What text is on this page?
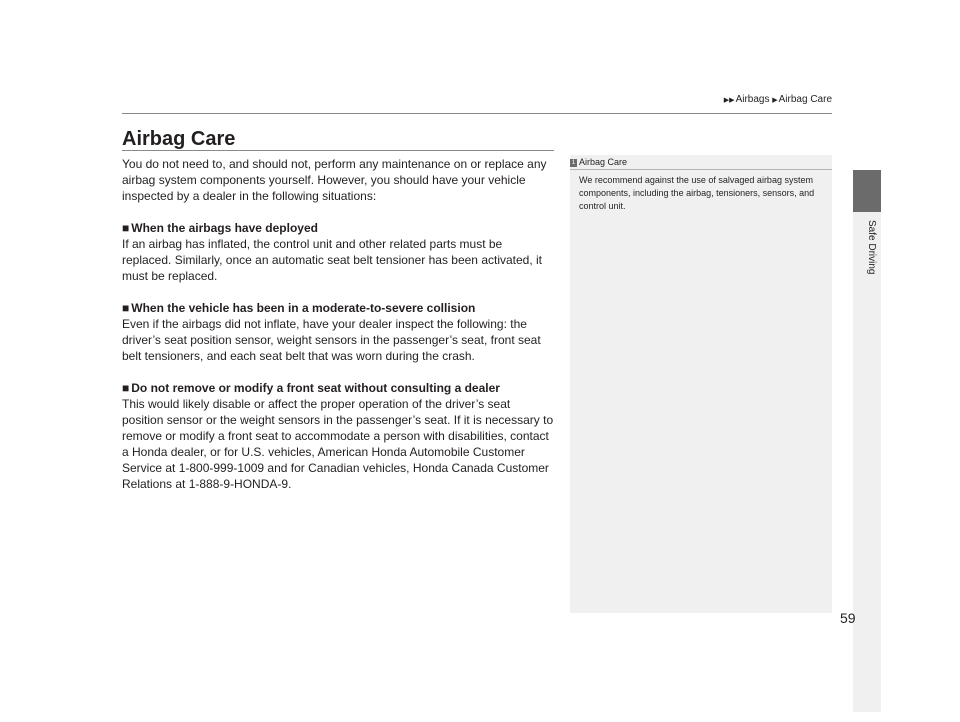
▶▶Airbags ▶Airbag Care
Safe Driving
Airbag Care

You do not need to, and should not, perform any maintenance on or replace any airbag system components yourself. However, you should have your vehicle inspected by a dealer in the following situations:

■ When the airbags have deployed

If an airbag has inflated, the control unit and other related parts must be replaced. Similarly, once an automatic seat belt tensioner has been activated, it must be replaced.

■ When the vehicle has been in a moderate-to-severe collision

Even if the airbags did not inflate, have your dealer inspect the following: the driver’s seat position sensor, weight sensors in the passenger’s seat, front seat belt tensioners, and each seat belt that was worn during the crash.

■ Do not remove or modify a front seat without consulting a dealer

This would likely disable or affect the proper operation of the driver’s seat position sensor or the weight sensors in the passenger’s seat. If it is necessary to remove or modify a front seat to accommodate a person with disabilities, contact a Honda dealer, or for U.S. vehicles, American Honda Automobile Customer Service at 1-800-999-1009 and for Canadian vehicles, Honda Canada Customer Relations at 1-888-9-HONDA-9.

1 Airbag Care
We recommend against the use of salvaged airbag system components, including the airbag, tensioners, sensors, and control unit.
59
